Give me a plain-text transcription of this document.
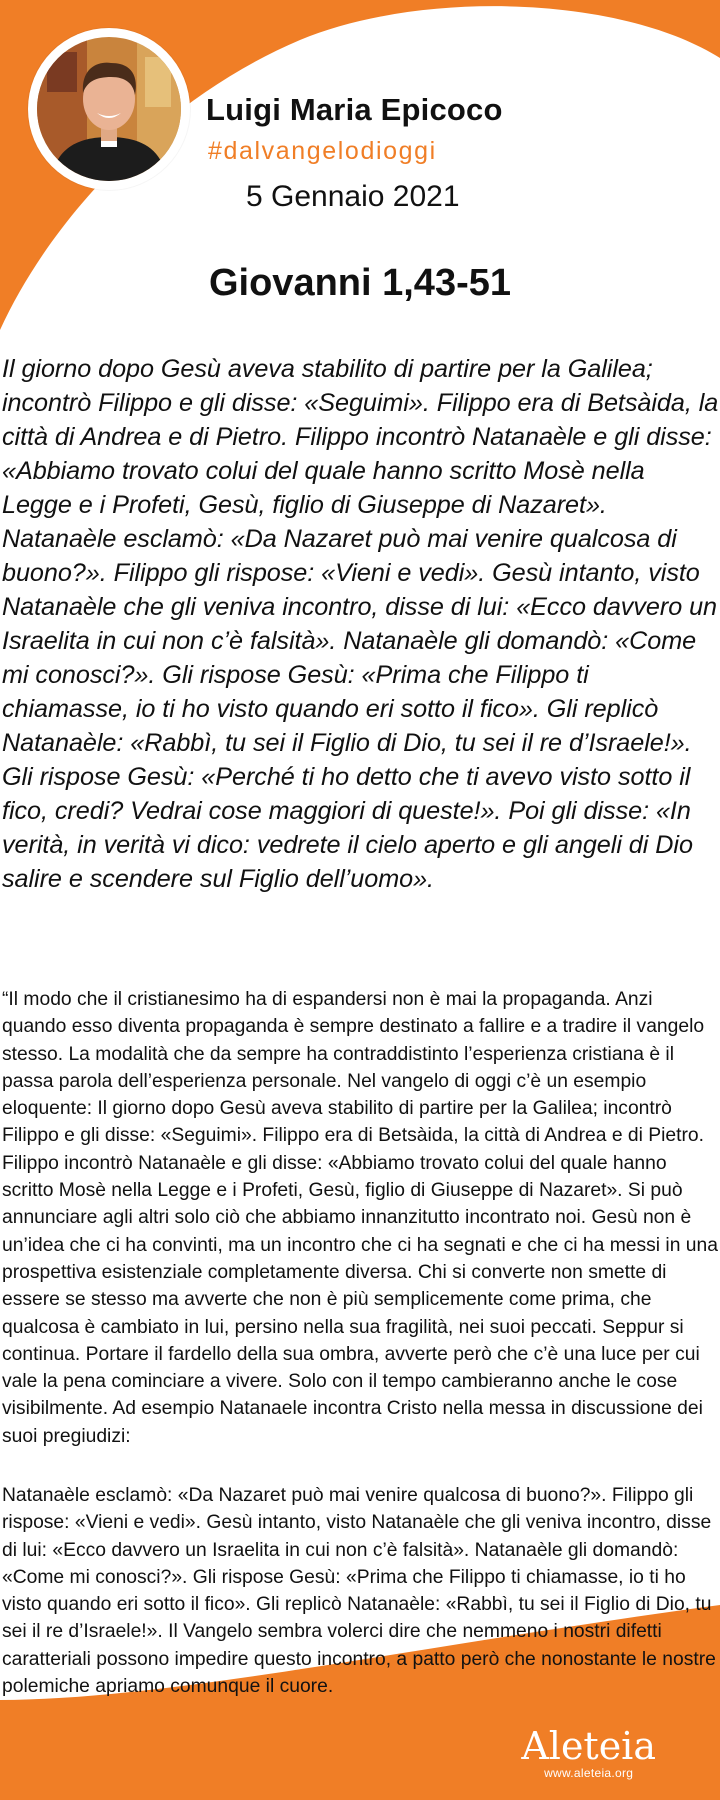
Luigi Maria Epicoco

#dalvangelodioggi

5 Gennaio 2021

Giovanni 1,43-51

Il giorno dopo Gesù aveva stabilito di partire per la Galilea; incontrò Filippo e gli disse: «Seguimi». Filippo era di Betsàida, la città di Andrea e di Pietro. Filippo incontrò Natanaèle e gli disse: «Abbiamo trovato colui del quale hanno scritto Mosè nella Legge e i Profeti, Gesù, figlio di Giuseppe di Nazaret». Natanaèle esclamò: «Da Nazaret può mai venire qualcosa di buono?». Filippo gli rispose: «Vieni e vedi». Gesù intanto, visto Natanaèle che gli veniva incontro, disse di lui: «Ecco davvero un Israelita in cui non c’è falsità». Natanaèle gli domandò: «Come mi conosci?». Gli rispose Gesù: «Prima che Filippo ti chiamasse, io ti ho visto quando eri sotto il fico». Gli replicò Natanaèle: «Rabbì, tu sei il Figlio di Dio, tu sei il re d’Israele!». Gli rispose Gesù: «Perché ti ho detto che ti avevo visto sotto il fico, credi? Vedrai cose maggiori di queste!». Poi gli disse: «In verità, in verità vi dico: vedrete il cielo aperto e gli angeli di Dio salire e scendere sul Figlio dell’uomo».

“Il modo che il cristianesimo ha di espandersi non è mai la propaganda. Anzi quando esso diventa propaganda è sempre destinato a fallire e a tradire il vangelo stesso. La modalità che da sempre ha contraddistinto l’esperienza cristiana è il passa parola dell’esperienza personale. Nel vangelo di oggi c’è un esempio eloquente: Il giorno dopo Gesù aveva stabilito di partire per la Galilea; incontrò Filippo e gli disse: «Seguimi». Filippo era di Betsàida, la città di Andrea e di Pietro. Filippo incontrò Natanaèle e gli disse: «Abbiamo trovato colui del quale hanno scritto Mosè nella Legge e i Profeti, Gesù, figlio di Giuseppe di Nazaret». Si può annunciare agli altri solo ciò che abbiamo innanzitutto incontrato noi. Gesù non è un’idea che ci ha convinti, ma un incontro che ci ha segnati e che ci ha messi in una prospettiva esistenziale completamente diversa. Chi si converte non smette di essere se stesso ma avverte che non è più semplicemente come prima, che qualcosa è cambiato in lui, persino nella sua fragilità, nei suoi peccati. Seppur si continua. Portare il fardello della sua ombra, avverte però che c’è una luce per cui vale la pena cominciare a vivere. Solo con il tempo cambieranno anche le cose visibilmente. Ad esempio Natanaele incontra Cristo nella messa in discussione dei suoi pregiudizi:

Natanaèle esclamò: «Da Nazaret può mai venire qualcosa di buono?». Filippo gli rispose: «Vieni e vedi». Gesù intanto, visto Natanaèle che gli veniva incontro, disse di lui: «Ecco davvero un Israelita in cui non c’è falsità». Natanaèle gli domandò: «Come mi conosci?». Gli rispose Gesù: «Prima che Filippo ti chiamasse, io ti ho visto quando eri sotto il fico». Gli replicò Natanaèle: «Rabbì, tu sei il Figlio di Dio, tu sei il re d’Israele!». Il Vangelo sembra volerci dire che nemmeno i nostri difetti caratteriali possono impedire questo incontro, a patto però che nonostante le nostre polemiche apriamo comunque il cuore.

Aleteia
www.aleteia.org
